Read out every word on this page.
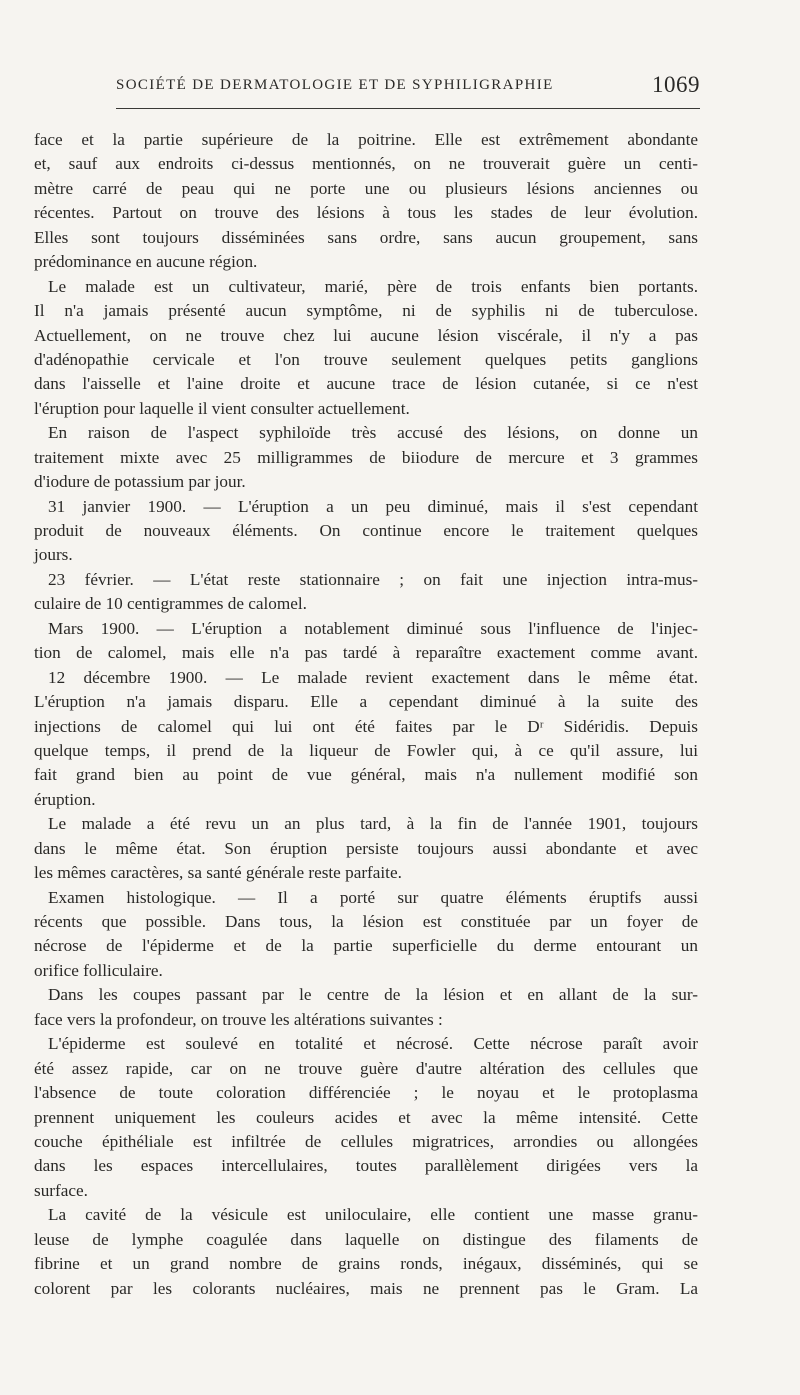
SOCIÉTÉ DE DERMATOLOGIE ET DE SYPHILIGRAPHIE	1069
face et la partie supérieure de la poitrine. Elle est extrêmement abondante
et, sauf aux endroits ci-dessus mentionnés, on ne trouverait guère un centi-
mètre carré de peau qui ne porte une ou plusieurs lésions anciennes ou
récentes. Partout on trouve des lésions à tous les stades de leur évolution.
Elles sont toujours disséminées sans ordre, sans aucun groupement, sans
prédominance en aucune région.
Le malade est un cultivateur, marié, père de trois enfants bien portants.
Il n'a jamais présenté aucun symptôme, ni de syphilis ni de tuberculose.
Actuellement, on ne trouve chez lui aucune lésion viscérale, il n'y a pas
d'adénopathie cervicale et l'on trouve seulement quelques petits ganglions
dans l'aisselle et l'aine droite et aucune trace de lésion cutanée, si ce n'est
l'éruption pour laquelle il vient consulter actuellement.
En raison de l'aspect syphiloïde très accusé des lésions, on donne un
traitement mixte avec 25 milligrammes de biiodure de mercure et 3 grammes
d'iodure de potassium par jour.
31 janvier 1900. — L'éruption a un peu diminué, mais il s'est cependant
produit de nouveaux éléments. On continue encore le traitement quelques
jours.
23 février. — L'état reste stationnaire ; on fait une injection intra-mus-
culaire de 10 centigrammes de calomel.
Mars 1900. — L'éruption a notablement diminué sous l'influence de l'injec-
tion de calomel, mais elle n'a pas tardé à reparaître exactement comme avant.
12 décembre 1900. — Le malade revient exactement dans le même état.
L'éruption n'a jamais disparu. Elle a cependant diminué à la suite des
injections de calomel qui lui ont été faites par le Dʳ Sidéridis. Depuis
quelque temps, il prend de la liqueur de Fowler qui, à ce qu'il assure, lui
fait grand bien au point de vue général, mais n'a nullement modifié son
éruption.
Le malade a été revu un an plus tard, à la fin de l'année 1901, toujours
dans le même état. Son éruption persiste toujours aussi abondante et avec
les mêmes caractères, sa santé générale reste parfaite.
Examen histologique. — Il a porté sur quatre éléments éruptifs aussi
récents que possible. Dans tous, la lésion est constituée par un foyer de
nécrose de l'épiderme et de la partie superficielle du derme entourant un
orifice folliculaire.
Dans les coupes passant par le centre de la lésion et en allant de la sur-
face vers la profondeur, on trouve les altérations suivantes :
L'épiderme est soulevé en totalité et nécrosé. Cette nécrose paraît avoir
été assez rapide, car on ne trouve guère d'autre altération des cellules que
l'absence de toute coloration différenciée ; le noyau et le protoplasma
prennent uniquement les couleurs acides et avec la même intensité. Cette
couche épithéliale est infiltrée de cellules migratrices, arrondies ou allongées
dans les espaces intercellulaires, toutes parallèlement dirigées vers la
surface.
La cavité de la vésicule est uniloculaire, elle contient une masse granu-
leuse de lymphe coagulée dans laquelle on distingue des filaments de
fibrine et un grand nombre de grains ronds, inégaux, disséminés, qui se
colorent par les colorants nucléaires, mais ne prennent pas le Gram. La
